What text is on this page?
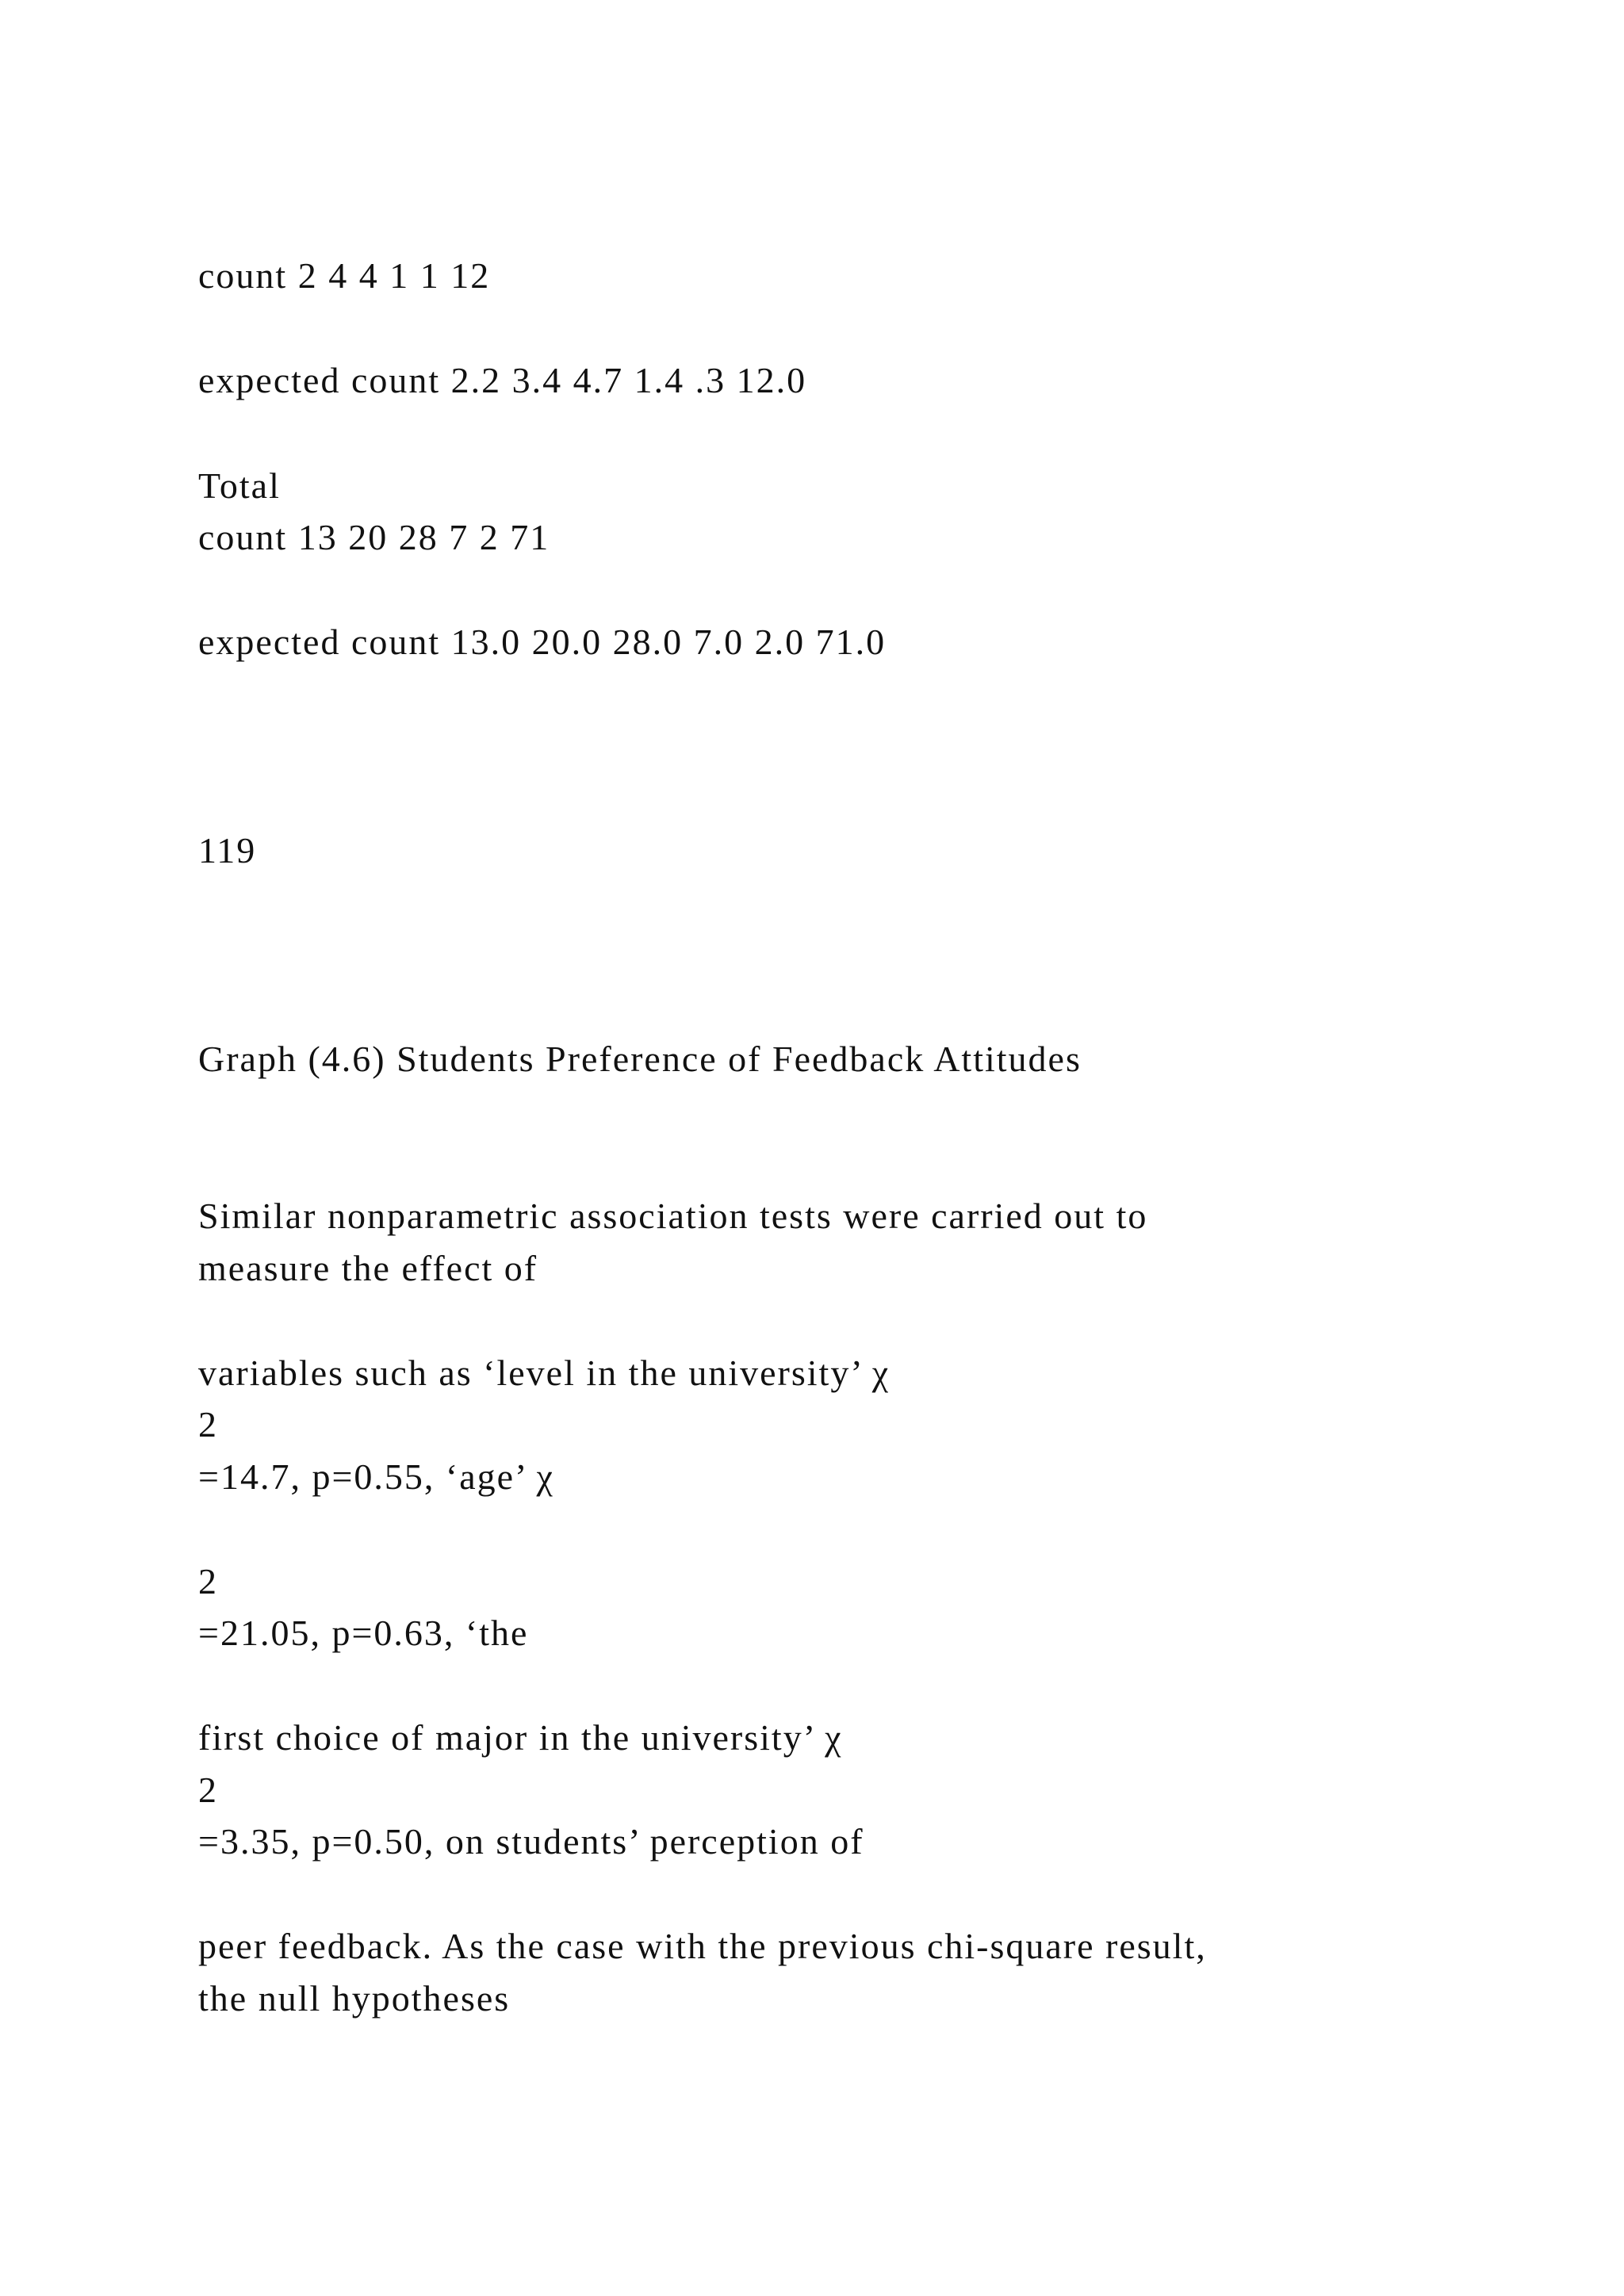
count 2 4 4 1 1 12
expected count 2.2 3.4 4.7 1.4 .3 12.0
Total
count 13 20 28 7 2 71
expected count 13.0 20.0 28.0 7.0 2.0 71.0
119
Graph (4.6) Students Preference of Feedback Attitudes
Similar nonparametric association tests were carried out to
measure the effect of
variables such as ‘level in the university’ χ
2
=14.7, p=0.55, ‘age’ χ
2
=21.05, p=0.63, ‘the
first choice of major in the university’ χ
2
=3.35, p=0.50, on students’ perception of
peer feedback. As the case with the previous chi-square result,
the null hypotheses
